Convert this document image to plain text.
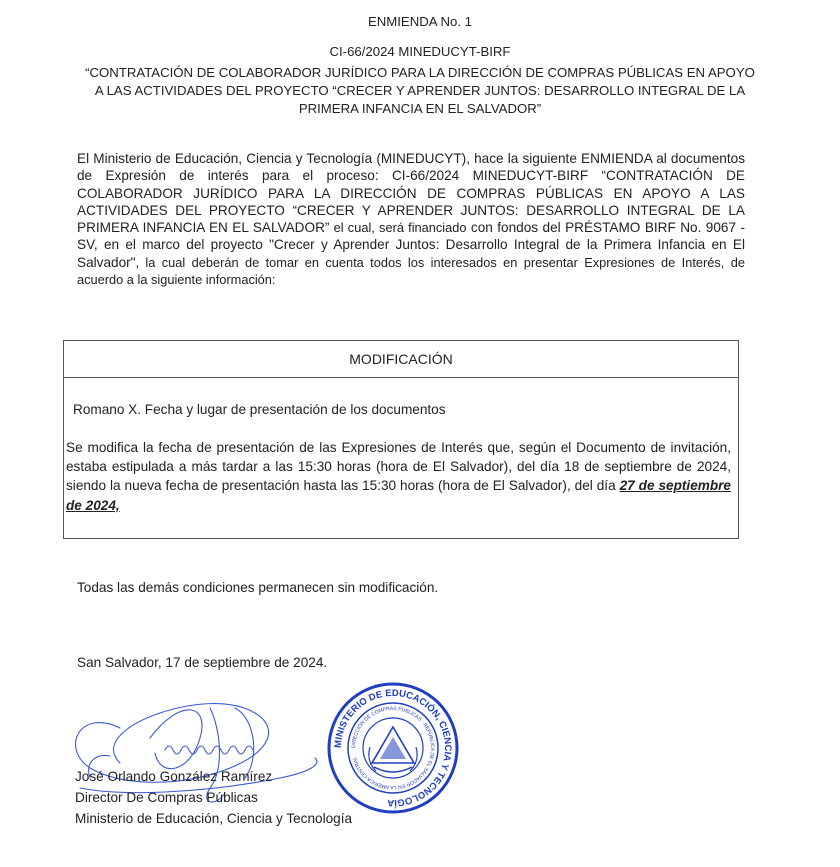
ENMIENDA No. 1
CI-66/2024 MINEDUCYT-BIRF
“CONTRATACIÓN DE COLABORADOR JURÍDICO PARA LA DIRECCIÓN DE COMPRAS PÚBLICAS EN APOYO A LAS ACTIVIDADES DEL PROYECTO “CRECER Y APRENDER JUNTOS: DESARROLLO INTEGRAL DE LA PRIMERA INFANCIA EN EL SALVADOR”
El Ministerio de Educación, Ciencia y Tecnología (MINEDUCYT), hace la siguiente ENMIENDA al documentos de Expresión de interés para el proceso: CI-66/2024 MINEDUCYT-BIRF “CONTRATACIÓN DE COLABORADOR JURÍDICO PARA LA DIRECCIÓN DE COMPRAS PÚBLICAS EN APOYO A LAS ACTIVIDADES DEL PROYECTO “CRECER Y APRENDER JUNTOS: DESARROLLO INTEGRAL DE LA PRIMERA INFANCIA EN EL SALVADOR” el cual, será financiado con fondos del PRÉSTAMO BIRF No. 9067 - SV, en el marco del proyecto "Crecer y Aprender Juntos: Desarrollo Integral de la Primera Infancia en El Salvador", la cual deberán de tomar en cuenta todos los interesados en presentar Expresiones de Interés, de acuerdo a la siguiente información:
MODIFICACIÓN
Romano X. Fecha y lugar de presentación de los documentos
Se modifica la fecha de presentación de las Expresiones de Interés que, según el Documento de invitación, estaba estipulada a más tardar a las 15:30 horas (hora de El Salvador), del día 18 de septiembre de 2024, siendo la nueva fecha de presentación hasta las 15:30 horas (hora de El Salvador), del día 27 de septiembre de 2024,
Todas las demás condiciones permanecen sin modificación.
San Salvador, 17 de septiembre de 2024.
MINISTERIO DE EDUCACIÓN, CIENCIA Y TECNOLOGÍA
DIRECCIÓN DE COMPRAS PÚBLICAS · REPÚBLICA DE EL SALVADOR EN LA AMÉRICA CENTRAL
José Orlando González Ramírez
Director De Compras Públicas
Ministerio de Educación, Ciencia y Tecnología
